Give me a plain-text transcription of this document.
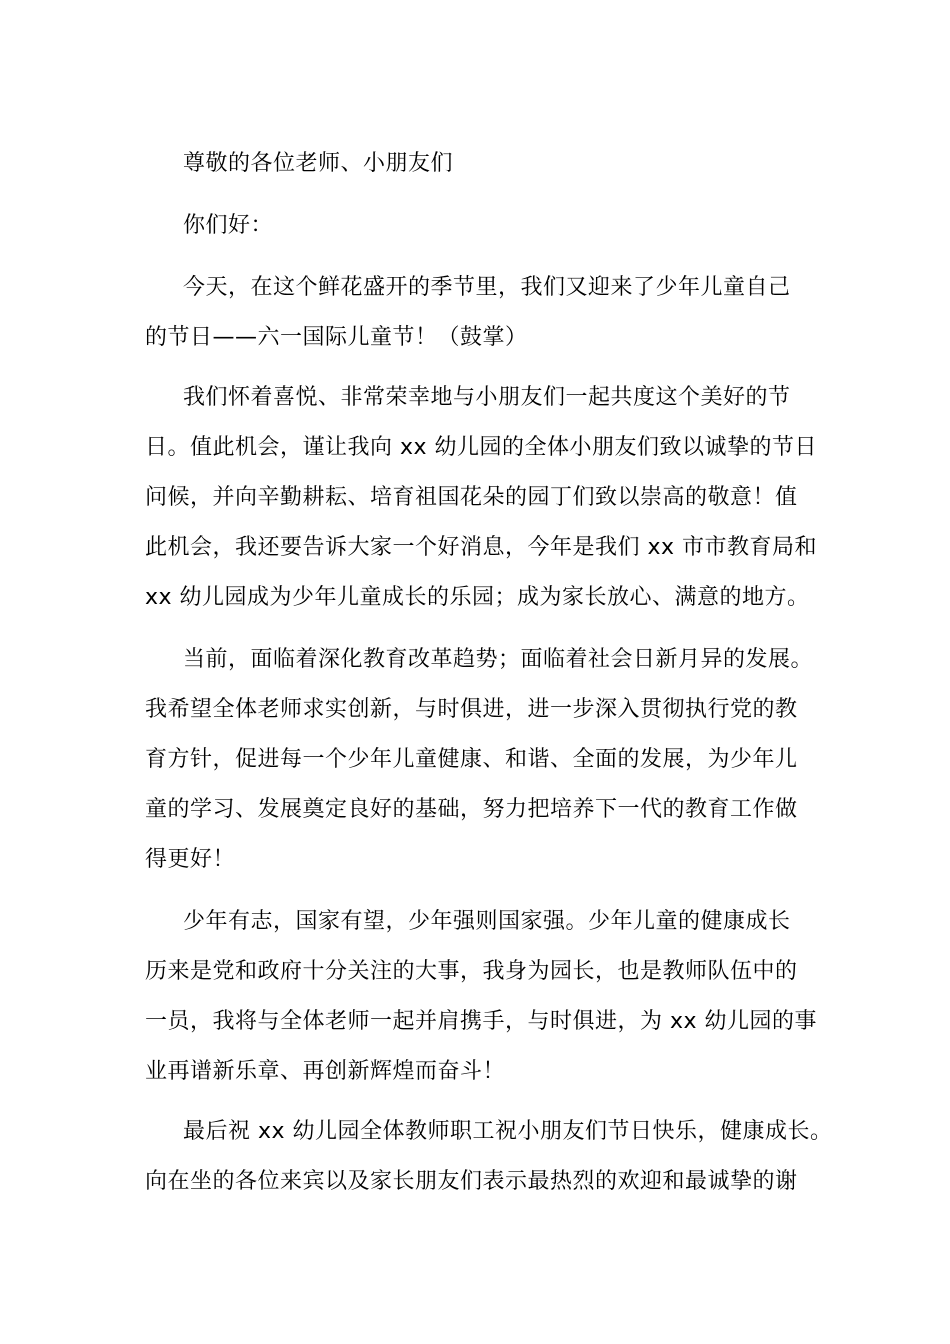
尊敬的各位老师、小朋友们
你们好：
今天，在这个鲜花盛开的季节里，我们又迎来了少年儿童自己
的节日——六一国际儿童节！（鼓掌）
我们怀着喜悦、非常荣幸地与小朋友们一起共度这个美好的节
日。值此机会，谨让我向 xx 幼儿园的全体小朋友们致以诚挚的节日
问候，并向辛勤耕耘、培育祖国花朵的园丁们致以崇高的敬意！值
此机会，我还要告诉大家一个好消息，今年是我们 xx 市市教育局和
xx 幼儿园成为少年儿童成长的乐园；成为家长放心、满意的地方。
当前，面临着深化教育改革趋势；面临着社会日新月异的发展。
我希望全体老师求实创新，与时俱进，进一步深入贯彻执行党的教
育方针，促进每一个少年儿童健康、和谐、全面的发展，为少年儿
童的学习、发展奠定良好的基础，努力把培养下一代的教育工作做
得更好！
少年有志，国家有望，少年强则国家强。少年儿童的健康成长
历来是党和政府十分关注的大事，我身为园长，也是教师队伍中的
一员，我将与全体老师一起并肩携手，与时俱进，为 xx 幼儿园的事
业再谱新乐章、再创新辉煌而奋斗！
最后祝 xx 幼儿园全体教师职工祝小朋友们节日快乐，健康成长。
向在坐的各位来宾以及家长朋友们表示最热烈的欢迎和最诚挚的谢
